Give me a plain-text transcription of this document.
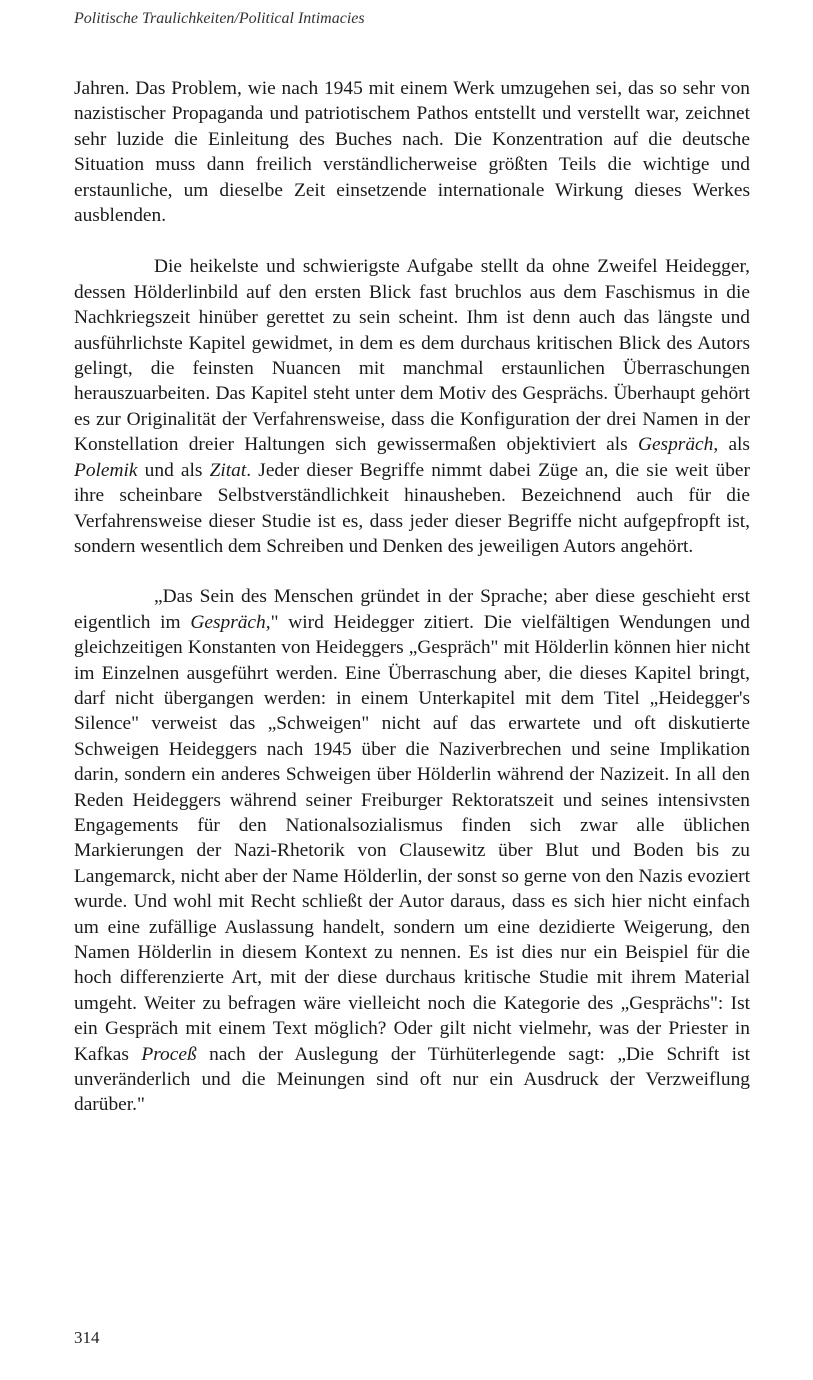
Politische Traulichkeiten/Political Intimacies

Jahren. Das Problem, wie nach 1945 mit einem Werk umzugehen sei, das so sehr von nazistischer Propaganda und patriotischem Pathos entstellt und verstellt war, zeichnet sehr luzide die Einleitung des Buches nach. Die Konzentration auf die deutsche Situation muss dann freilich verständlicherweise größten Teils die wichtige und erstaunliche, um dieselbe Zeit einsetzende internationale Wirkung dieses Werkes ausblenden.

Die heikelste und schwierigste Aufgabe stellt da ohne Zweifel Heidegger, dessen Hölderlinbild auf den ersten Blick fast bruchlos aus dem Faschismus in die Nachkriegszeit hinüber gerettet zu sein scheint. Ihm ist denn auch das längste und ausführlichste Kapitel gewidmet, in dem es dem durchaus kritischen Blick des Autors gelingt, die feinsten Nuancen mit manchmal erstaunlichen Überraschungen herauszuarbeiten. Das Kapitel steht unter dem Motiv des Gesprächs. Überhaupt gehört es zur Originalität der Verfahrensweise, dass die Konfiguration der drei Namen in der Konstellation dreier Haltungen sich gewissermaßen objektiviert als Gespräch, als Polemik und als Zitat. Jeder dieser Begriffe nimmt dabei Züge an, die sie weit über ihre scheinbare Selbstverständlichkeit hinausheben. Bezeichnend auch für die Verfahrensweise dieser Studie ist es, dass jeder dieser Begriffe nicht aufgepfropft ist, sondern wesentlich dem Schreiben und Denken des jeweiligen Autors angehört.

„Das Sein des Menschen gründet in der Sprache; aber diese geschieht erst eigentlich im Gespräch," wird Heidegger zitiert. Die vielfältigen Wendungen und gleichzeitigen Konstanten von Heideggers „Gespräch" mit Hölderlin können hier nicht im Einzelnen ausgeführt werden. Eine Überraschung aber, die dieses Kapitel bringt, darf nicht übergangen werden: in einem Unterkapitel mit dem Titel „Heidegger's Silence" verweist das „Schweigen" nicht auf das erwartete und oft diskutierte Schweigen Heideggers nach 1945 über die Naziverbrechen und seine Implikation darin, sondern ein anderes Schweigen über Hölderlin während der Nazizeit. In all den Reden Heideggers während seiner Freiburger Rektoratszeit und seines intensivsten Engagements für den Nationalsozialismus finden sich zwar alle üblichen Markierungen der Nazi-Rhetorik von Clausewitz über Blut und Boden bis zu Langemarck, nicht aber der Name Hölderlin, der sonst so gerne von den Nazis evoziert wurde. Und wohl mit Recht schließt der Autor daraus, dass es sich hier nicht einfach um eine zufällige Auslassung handelt, sondern um eine dezidierte Weigerung, den Namen Hölderlin in diesem Kontext zu nennen. Es ist dies nur ein Beispiel für die hoch differenzierte Art, mit der diese durchaus kritische Studie mit ihrem Material umgeht. Weiter zu befragen wäre vielleicht noch die Kategorie des „Gesprächs": Ist ein Gespräch mit einem Text möglich? Oder gilt nicht vielmehr, was der Priester in Kafkas Proceß nach der Auslegung der Türhüterlegende sagt: „Die Schrift ist unveränderlich und die Meinungen sind oft nur ein Ausdruck der Verzweiflung darüber."

314
